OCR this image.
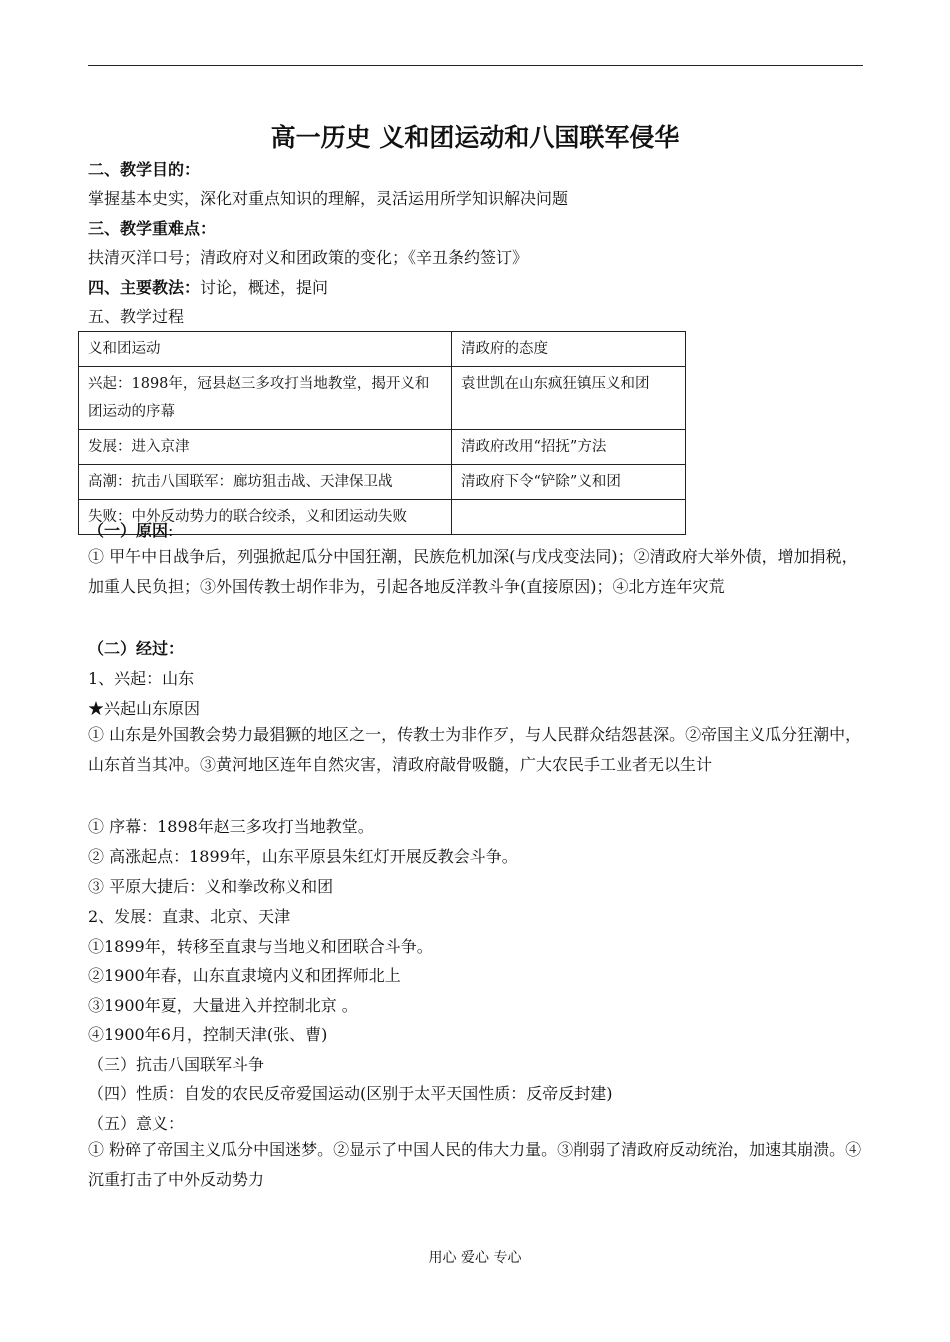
高一历史 义和团运动和八国联军侵华
二、教学目的：
掌握基本史实，深化对重点知识的理解，灵活运用所学知识解决问题
三、教学重难点：
扶清灭洋口号；清政府对义和团政策的变化；《辛丑条约签订》
四、主要教法：讨论，概述，提问
五、教学过程
义和团运动	清政府的态度
兴起：1898年，冠县赵三多攻打当地教堂，揭开义和团运动的序幕	袁世凯在山东疯狂镇压义和团
发展：进入京津	清政府改用“招抚”方法
高潮：抗击八国联军：廊坊狙击战、天津保卫战	清政府下令“铲除”义和团
失败：中外反动势力的联合绞杀，义和团运动失败	
（一）原因:
① 甲午中日战争后，列强掀起瓜分中国狂潮，民族危机加深(与戊戌变法同)；②清政府大举外债，增加捐税，加重人民负担；③外国传教士胡作非为，引起各地反洋教斗争(直接原因)；④北方连年灾荒
（二）经过：
1、兴起：山东
★兴起山东原因
① 山东是外国教会势力最猖獗的地区之一，传教士为非作歹，与人民群众结怨甚深。②帝国主义瓜分狂潮中，山东首当其冲。③黄河地区连年自然灾害，清政府敲骨吸髓，广大农民手工业者无以生计
① 序幕：1898年赵三多攻打当地教堂。
② 高涨起点：1899年，山东平原县朱红灯开展反教会斗争。
③ 平原大捷后：义和拳改称义和团
2、发展：直隶、北京、天津
①1899年，转移至直隶与当地义和团联合斗争。
②1900年春，山东直隶境内义和团挥师北上
③1900年夏，大量进入并控制北京 。
④1900年6月，控制天津(张、曹)
（三）抗击八国联军斗争
（四）性质：自发的农民反帝爱国运动(区别于太平天国性质：反帝反封建)
（五）意义：
① 粉碎了帝国主义瓜分中国迷梦。②显示了中国人民的伟大力量。③削弱了清政府反动统治，加速其崩溃。④沉重打击了中外反动势力
用心 爱心 专心
